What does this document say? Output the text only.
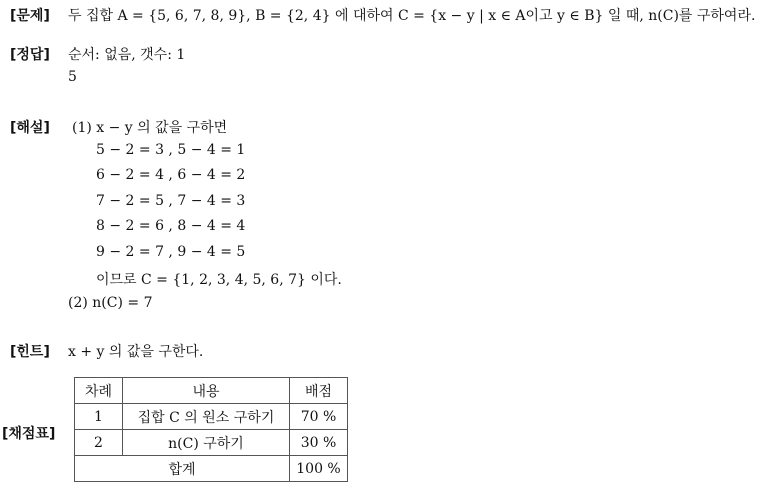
[문제] 두 집합 A = {5, 6, 7, 8, 9}, B = {2, 4} 에 대하여 C = {x − y | x ∈ A이고 y ∈ B} 일 때, n(C)를 구하여라.
[정답] 순서: 없음, 갯수: 1
5
[해설] (1) x − y 의 값을 구하면
5 − 2 = 3 , 5 − 4 = 1
6 − 2 = 4 , 6 − 4 = 2
7 − 2 = 5 , 7 − 4 = 3
8 − 2 = 6 , 8 − 4 = 4
9 − 2 = 7 , 9 − 4 = 5
이므로 C = {1, 2, 3, 4, 5, 6, 7} 이다.
(2) n(C) = 7
[힌트] x + y 의 값을 구한다.
[채점표]
차례	내용	배점
1	집합 C 의 원소 구하기	70 %
2	n(C) 구하기	30 %
합계		100 %
